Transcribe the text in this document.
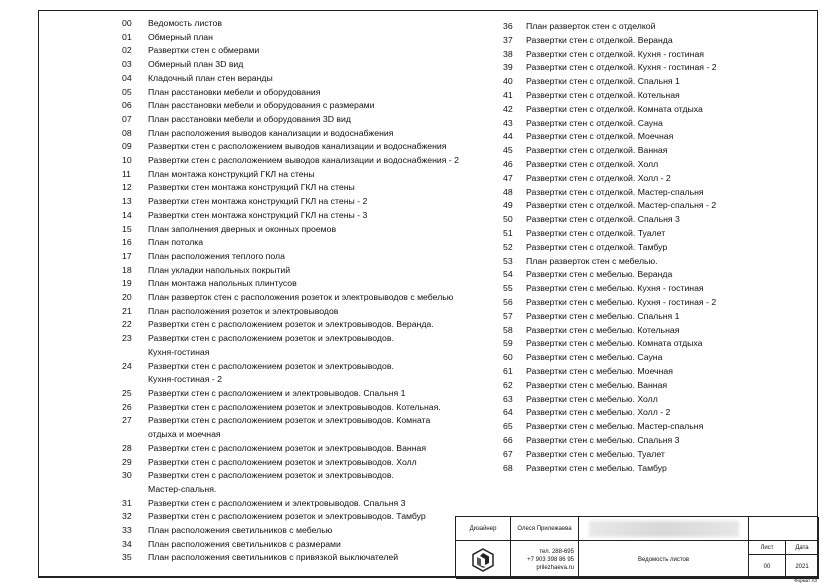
00 Ведомость листов
01 Обмерный план
02 Развертки стен с обмерами
03 Обмерный план 3D вид
04 Кладочный план стен веранды
05 План расстановки мебели и оборудования
06 План расстановки мебели и оборудования с размерами
07 План расстановки мебели и оборудования 3D вид
08 План расположения выводов канализации и водоснабжения
09 Развертки стен с расположением выводов канализации и водоснабжения
10 Развертки стен с расположением выводов канализации и водоснабжения - 2
11 План монтажа конструкций ГКЛ на стены
12 Развертки стен монтажа конструкций ГКЛ на стены
13 Развертки стен монтажа конструкций ГКЛ на стены - 2
14 Развертки стен монтажа конструкций ГКЛ на стены - 3
15 План заполнения дверных и оконных проемов
16 План потолка
17 План расположения теплого пола
18 План укладки напольных покрытий
19 План монтажа напольных плинтусов
20 План разверток стен с расположения розеток и электровыводов с мебелью
21 План расположения розеток и электровыводов
22 Развертки стен с расположением розеток и электровыводов. Веранда.
23 Развертки стен с расположением розеток и электровыводов.
Кухня-гостиная
24 Развертки стен с расположением розеток и электровыводов.
Кухня-гостиная - 2
25 Развертки стен с расположением и электровыводов. Спальня 1
26 Развертки стен с расположением розеток и электровыводов. Котельная.
27 Развертки стен с расположением розеток и электровыводов. Комната
отдыха и моечная
28 Развертки стен с расположением розеток и электровыводов. Ванная
29 Развертки стен с расположением розеток и электровыводов. Холл
30 Развертки стен с расположением розеток и электровыводов.
Мастер-спальня.
31 Развертки стен с расположением и электровыводов. Спальня 3
32 Развертки стен с расположением розеток и электровыводов. Тамбур
33 План расположения светильников с мебелью
34 План расположения светильников с размерами
35 План расположения светильников с привязкой выключателей
36 План разверток стен с отделкой
37 Развертки стен с отделкой. Веранда
38 Развертки стен с отделкой. Кухня - гостиная
39 Развертки стен с отделкой. Кухня - гостиная - 2
40 Развертки стен с отделкой. Спальня 1
41 Развертки стен с отделкой. Котельная
42 Развертки стен с отделкой. Комната отдыха
43 Развертки стен с отделкой. Сауна
44 Развертки стен с отделкой. Моечная
45 Развертки стен с отделкой. Ванная
46 Развертки стен с отделкой. Холл
47 Развертки стен с отделкой. Холл - 2
48 Развертки стен с отделкой. Мастер-спальня
49 Развертки стен с отделкой. Мастер-спальня - 2
50 Развертки стен с отделкой. Спальня 3
51 Развертки стен с отделкой. Туалет
52 Развертки стен с отделкой. Тамбур
53 План разверток стен с мебелью.
54 Развертки стен с мебелью. Веранда
55 Развертки стен с мебелью. Кухня - гостиная
56 Развертки стен с мебелью. Кухня - гостиная - 2
57 Развертки стен с мебелью. Спальня 1
58 Развертки стен с мебелью. Котельная
59 Развертки стен с мебелью. Комната отдыха
60 Развертки стен с мебелью. Сауна
61 Развертки стен с мебелью. Моечная
62 Развертки стен с мебелью. Ванная
63 Развертки стен с мебелью. Холл
64 Развертки стен с мебелью. Холл - 2
65 Развертки стен с мебелью. Мастер-спальня
66 Развертки стен с мебелью. Спальня 3
67 Развертки стен с мебелью. Туалет
68 Развертки стен с мебелью. Тамбур
Дизайнер	Олеся Прилежаева
тел. 288-695
+7 903 398 86 95
prilezhaeva.ru
Ведомость листов
Лист	Дата
00	2021
Формат А3
